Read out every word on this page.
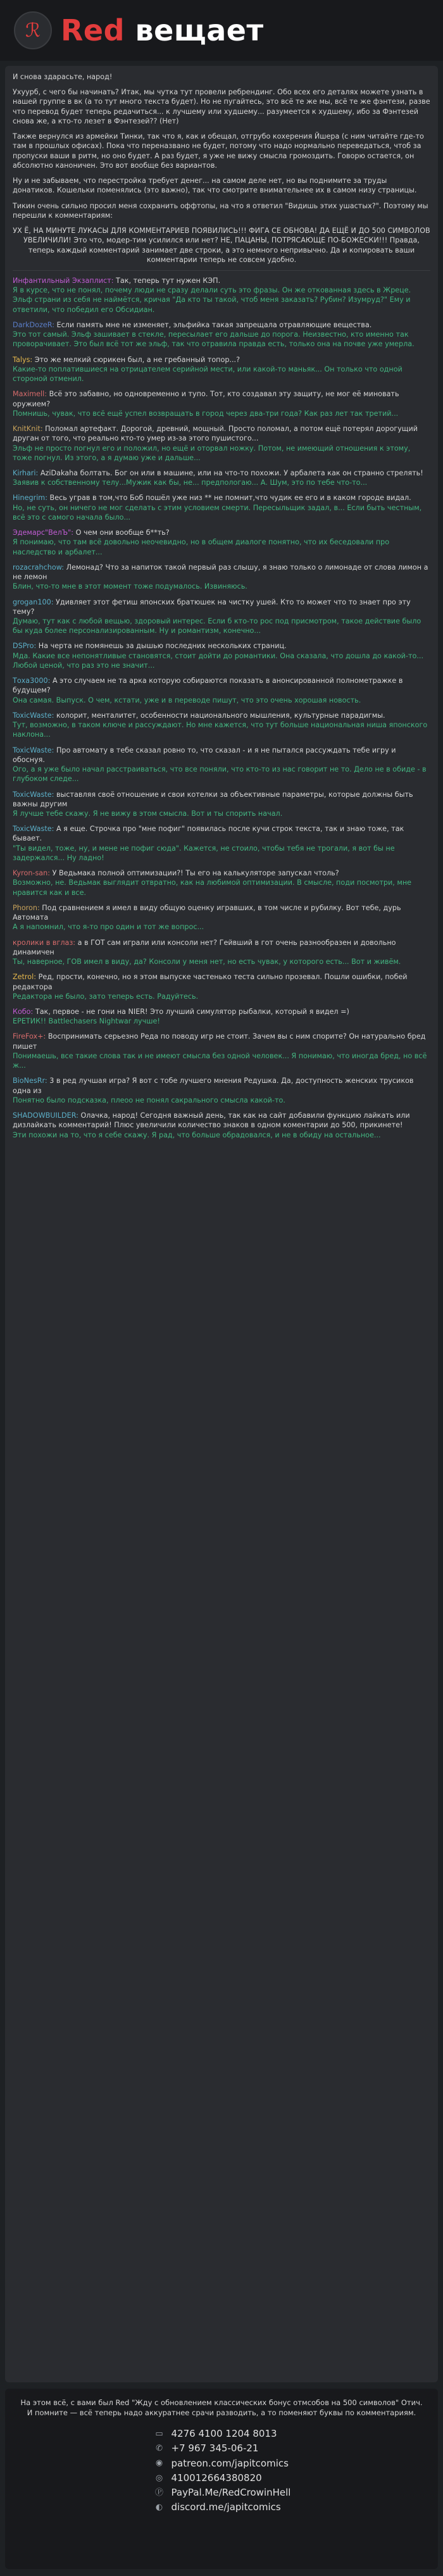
ℛ Red вещает

И снова здарасьте, народ!

Ухуурб, с чего бы начинать? Итак, мы чутка тут провели ребрендинг. Обо всех его деталях можете узнать в нашей группе в вк (а то тут много текста будет). Но не пугайтесь, это всё те же мы, всё те же фэнтези, разве что перевод будет теперь редачиться... к лучшему или худшему... разумеется к худшему, ибо за Фэнтезей снова же, а кто-то лезет в Фэнтезей?? (Нет)

Также вернулся из армейки Тинки, так что я, как и обещал, отгрубо кохерения Йшера (с ним читайте где-то там в прошлых офисах). Пока что переназвано не будет, потому что надо нормально переведаться, чтоб за пропуски ваши в ритм, но оно будет. А раз будет, я уже не вижу смысла громоздить. Говорю остается, он абсолютно каноничен. Это вот вообще без вариантов.

Ну и не забываем, что перестройка требует денег... на самом деле нет, но вы поднимите за труды донатиков. Кошельки поменялись (это важно), так что смотрите внимательнее их в самом низу страницы.

Тикин очень сильно просил меня сохранить оффтопы, на что я ответил "Видишь этих ушастых?". Поэтому мы перешли к комментариям:

УХ Ё, НА МИНУТЕ ЛУКАСЫ ДЛЯ КОММЕНТАРИЕВ ПОЯВИЛИСЬ!!! ФИГА СЕ ОБНОВА! ДА ЕЩЁ И ДО 500 СИМВОЛОВ УВЕЛИЧИЛИ! Это что, модер-тим усилился или нет? НЕ, ПАЦАНЫ, ПОТРЯСАЮЩЕ ПО-БОЖЕСКИ!!! Правда, теперь каждый комментарий занимает две строки, а это немного непривычно. Да и копировать ваши комментарии теперь не совсем удобно.

Инфантильный Экзаплист: Так, теперь тут нужен КЭП.
Я в курсе, что не понял, почему люди не сразу делали суть это фразы. Он же откованная здесь в Жреце. Эльф страни из себя не наймётся, кричая "Да кто ты такой, чтоб меня заказать? Рубин? Изумруд?" Ему и ответили, что победил его Обсидиан.
DarkDozeR: Если память мне не изменяет, эльфийка такая запрещала отравляющие вещества.
Это тот самый. Эльф зашивает в стекле, пересылает его дальше до порога. Неизвестно, кто именно так проворачивает. Это был всё тот же эльф, так что отравила правда есть, только она на почве уже умерла.
Talys: Это же мелкий сюрикен был, а не гребанный топор...?
Какие-то поплатившиеся на отрицателем серийной мести, или какой-то маньяк... Он только что одной стороной отменил.
Maximell: Всё это забавно, но одновременно и тупо. Тот, кто создавал эту защиту, не мог её миновать оружием?
Помнишь, чувак, что всё ещё успел возвращать в город через два-три года? Как раз лет так третий...
KnitKnit: Поломал артефакт. Дорогой, древний, мощный. Просто поломал, а потом ещё потерял дорогущий друган от того, что реально кто-то умер из-за этого пушистого...
Эльф не просто погнул его и положил, но ещё и оторвал ножку. Потом, не имеющий отношения к этому, тоже погнул. Из этого, а я думаю уже и дальше...
Kirhari: AziDakaha болтать. Бог он или в машине, или на что-то похожи. У арбалета как он странно стрелять!
Заявив к собственному телу...Мужик как бы, не... предпологаю... А. Шум, это по тебе что-то...
Hinegrim: Весь уграв в том,что Боб пошёл уже низ ** не помнит,что чудик ее его и в каком городе видал.
Но, не суть, он ничего не мог сделать с этим условием смерти. Пересыльщик задал, в... Если быть честным, всё это с самого начала было...
Эдемарс"ВелЪ": О чем они вообще б**ть?
Я понимаю, что там всё довольно неочевидно, но в общем диалоге понятно, что их беседовали про наследство и арбалет...
rozacrahchow: Лемонад? Что за напиток такой первый раз слышу, я знаю только о лимонаде от слова лимон а не лемон
Блин, что-то мне в этот момент тоже подумалось. Извиняюсь.
grogan100: Удивляет этот фетиш японских братюшек на чистку ушей. Кто то может что то знает про эту тему?
Думаю, тут как с любой вещью, здоровый интерес. Если б кто-то рос под присмотром, такое действие было бы куда более персонализированным. Ну и романтизм, конечно...
DSPro: На черта не помянешь за дышью последних нескольких страниц.
Мда. Какие все непонятливые становятся, стоит дойти до романтики. Она сказала, что дошла до какой-то... Любой ценой, что раз это не значит...
Тоха3000: А это случаем не та арка которую собираются показать в анонсированной полнометражке в будущем?
Она самая. Выпуск. О чем, кстати, уже и в переводе пишут, что это очень хорошая новость.
ToxicWaste: колорит, менталитет, особенности национального мышления, культурные парадигмы.
Тут, возможно, в таком ключе и рассуждают. Но мне кажется, что тут больше национальная ниша японского наклона...
ToxicWaste: Про автомату в тебе сказал ровно то, что сказал - и я не пытался рассуждать тебе игру и обоснуя.
Ого, а я уже было начал расстраиваться, что все поняли, что кто-то из нас говорит не то. Дело не в обиде - в глубоком следе...
ToxicWaste: выставляя своё отношение и свои котелки за объективные параметры, которые должны быть важны другим
Я лучше тебе скажу. Я не вижу в этом смысла. Вот и ты спорить начал.
ToxicWaste: А я еще. Строчка про "мне пофиг" появилась после кучи строк текста, так и знаю тоже, так бывает.
"Ты видел, тоже, ну, и мене не пофиг сюда". Кажется, не стоило, чтобы тебя не трогали, я вот бы не задержался... Ну ладно!
Kyron-san: У Ведьмака полной оптимизации?! Ты его на калькуляторе запускал чтоль?
Возможно, не. Ведьмак выглядит отвратно, как на любимой оптимизации. В смысле, поди посмотри, мне нравится как и все.
Phoron: Под сравнением я имел в виду общую оценку игравших, в том числе и рубилку. Вот тебе, дурь Автомата
А я напомнил, что я-то про один и тот же вопрос...
кролики в вглаз: а в ГОТ сам играли или консоли нет? Гейвший в гот очень разнообразен и довольно динамичен
Ты, наверное, ГОВ имел в виду, да? Консоли у меня нет, но есть чувак, у которого есть... Вот и живём.
Zetrol: Ред, прости, конечно, но я этом выпуске частенько теста сильно прозевал. Пошли ошибки, побей редактора
Редактора не было, зато теперь есть. Радуйтесь.
Кобо: Так, первое - не гони на NIER! Это лучший симулятор рыбалки, который я видел =)
ЕРЕТИК!! Battlechasers Nightwar лучше!
FireFox+: Воспринимать серьезно Реда по поводу игр не стоит. Зачем вы с ним спорите? Он натурально бред пишет
Понимаешь, все такие слова так и не имеют смысла без одной человек... Я понимаю, что иногда бред, но всё ж...
BioNesRr: 3 в ред лучшая игра? Я вот с тобе лучшего мнения Редушка. Да, доступность женских трусиков одна из
Понятно было подсказка, плеоо не понял сакрального смысла какой-то.
SHADOWBUILDER: Олачка, народ! Сегодня важный день, так как на сайт добавили функцию лайкать или дизлайкать комментарий! Плюс увеличили количество знаков в одном коментарии до 500, прикинете!
Эти похожи на то, что я себе скажу. Я рад, что больше обрадовался, и не в обиду на остальное...

На этом всё, с вами был Red "Жду с обновлением классических бонус отмсобов на 500 символов" Отич. И помните — всё теперь надо аккуратнее срачи разводить, а то поменяют буквы по комментариям.

▭ 4276 4100 1204 8013
✆ +7 967 345-06-21
◉ patreon.com/japitcomics
◎ 410012664380820
Ⓟ PayPal.Me/RedCrowinHell
◐ discord.me/japitcomics
